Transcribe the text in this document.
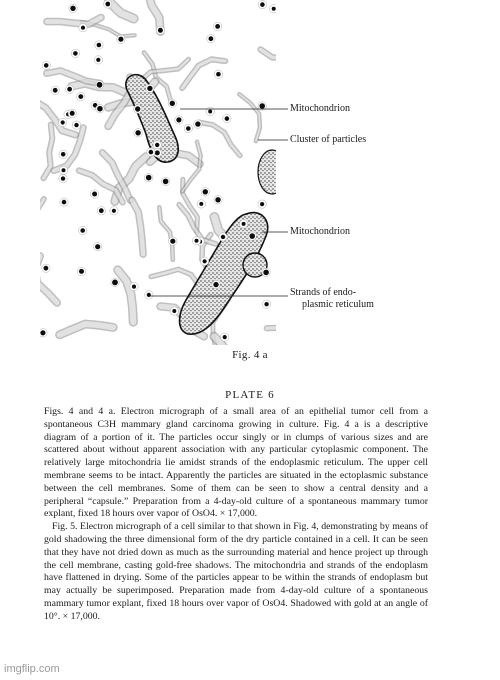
Mitochondrion
Cluster of particles
Mitochondrion
Strands of endo-
plasmic reticulum
Fig. 4 a
PLATE 6

Figs. 4 and 4 a. Electron micrograph of a small area of an epithelial tumor cell from a spontaneous C3H mammary gland carcinoma growing in culture. Fig. 4 a is a descriptive diagram of a portion of it. The particles occur singly or in clumps of various sizes and are scattered about without apparent association with any particular cytoplasmic component. The relatively large mitochondria lie amidst strands of the endoplasmic reticulum. The upper cell membrane seems to be intact. Apparently the particles are situated in the ectoplasmic substance between the cell membranes. Some of them can be seen to show a central density and a peripheral “capsule.” Preparation from a 4-day-old culture of a spontaneous mammary tumor explant, fixed 18 hours over vapor of OsO4. × 17,000.

Fig. 5. Electron micrograph of a cell similar to that shown in Fig. 4, demonstrating by means of gold shadowing the three dimensional form of the dry particle contained in a cell. It can be seen that they have not dried down as much as the surrounding material and hence project up through the cell membrane, casting gold-free shadows. The mitochondria and strands of the endoplasm have flattened in drying. Some of the particles appear to be within the strands of endoplasm but may actually be superimposed. Preparation made from 4-day-old culture of a spontaneous mammary tumor explant, fixed 18 hours over vapor of OsO4. Shadowed with gold at an angle of 10°. × 17,000.

imgflip.com
